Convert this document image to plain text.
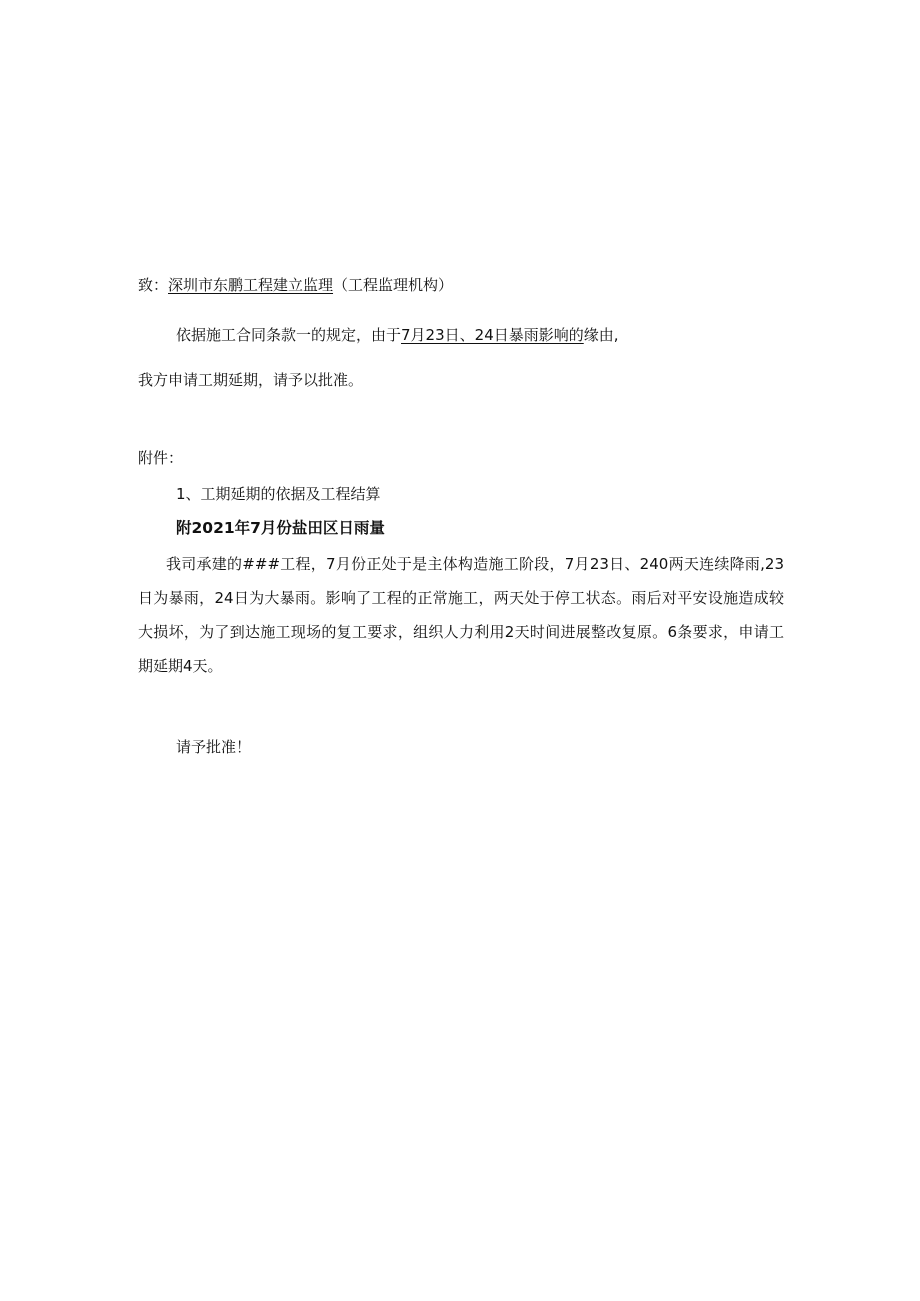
致：深圳市东鹏工程建立监理（工程监理机构）
依据施工合同条款一的规定，由于7月23日、24日暴雨影响的缘由,
我方申请工期延期，请予以批准。
附件：
1、工期延期的依据及工程结算
附2021年7月份盐田区日雨量
我司承建的###工程，7月份正处于是主体构造施工阶段，7月23日、240两天连续降雨,23日为暴雨，24日为大暴雨。影响了工程的正常施工，两天处于停工状态。雨后对平安设施造成较大损坏，为了到达施工现场的复工要求，组织人力利用2天时间进展整改复原。6条要求，申请工期延期4天。
请予批准！
